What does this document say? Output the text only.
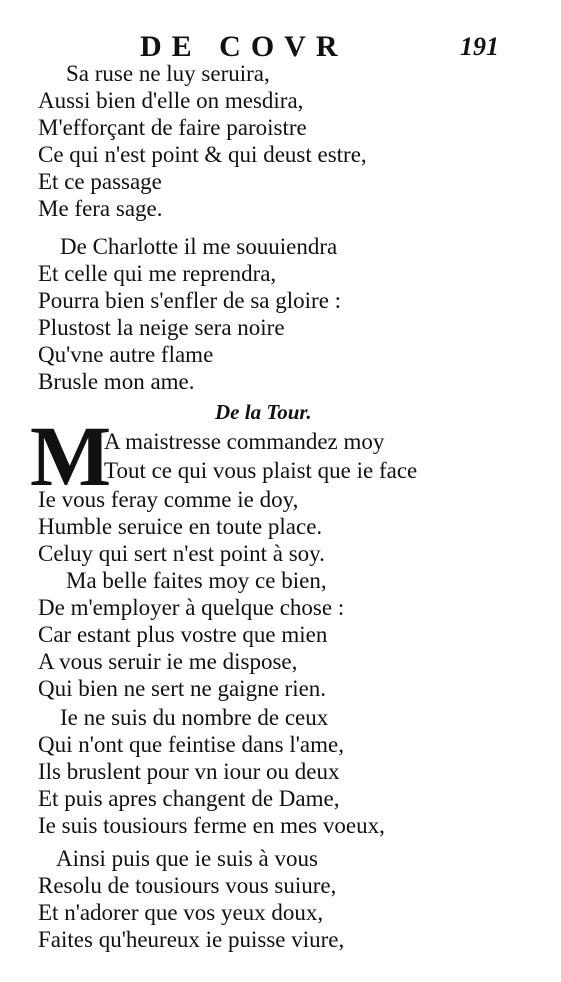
DE COVR	191
Sa ruse ne luy seruira,
Aussi bien d'elle on mesdira,
M'efforçant de faire paroistre
Ce qui n'est point & qui deust estre,
Et ce passage
Me fera sage.
De Charlotte il me souuiendra
Et celle qui me reprendra,
Pourra bien s'enfler de sa gloire :
Plustost la neige sera noire
Qu'vne autre flame
Brusle mon ame.
De la Tour.
M
A maistresse commandez moy
Tout ce qui vous plaist que ie face
Ie vous feray comme ie doy,
Humble seruice en toute place.
Celuy qui sert n'est point à soy.
Ma belle faites moy ce bien,
De m'employer à quelque chose :
Car estant plus vostre que mien
A vous seruir ie me dispose,
Qui bien ne sert ne gaigne rien.
Ie ne suis du nombre de ceux
Qui n'ont que feintise dans l'ame,
Ils bruslent pour vn iour ou deux
Et puis apres changent de Dame,
Ie suis tousiours ferme en mes voeux,
Ainsi puis que ie suis à vous
Resolu de tousiours vous suiure,
Et n'adorer que vos yeux doux,
Faites qu'heureux ie puisse viure,
